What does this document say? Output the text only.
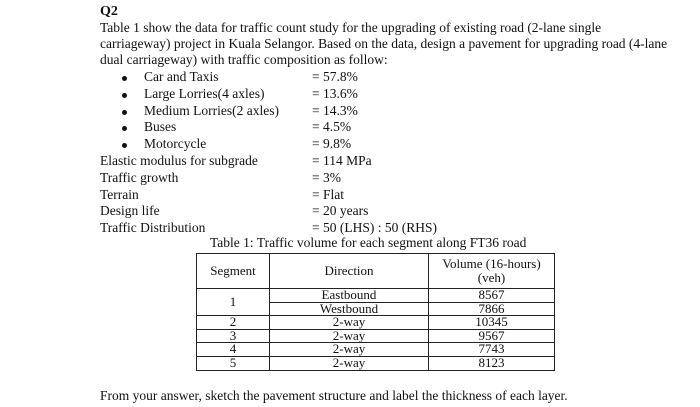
Q2
Table 1 show the data for traffic count study for the upgrading of existing road (2-lane single carriageway) project in Kuala Selangor. Based on the data, design a pavement for upgrading road (4-lane dual carriageway) with traffic composition as follow:
Car and Taxis	= 57.8%
Large Lorries(4 axles)	= 13.6%
Medium Lorries(2 axles) = 14.3%
Buses	= 4.5%
Motorcycle	= 9.8%
Elastic modulus for subgrade	= 114 MPa
Traffic growth	= 3%
Terrain	= Flat
Design life	= 20 years
Traffic Distribution	= 50 (LHS) : 50 (RHS)
Table 1: Traffic volume for each segment along FT36 road
Segment	Direction	Volume (16-hours) (veh)
1	Eastbound	8567
	Westbound	7866
2	2-way	10345
3	2-way	9567
4	2-way	7743
5	2-way	8123
From your answer, sketch the pavement structure and label the thickness of each layer.
